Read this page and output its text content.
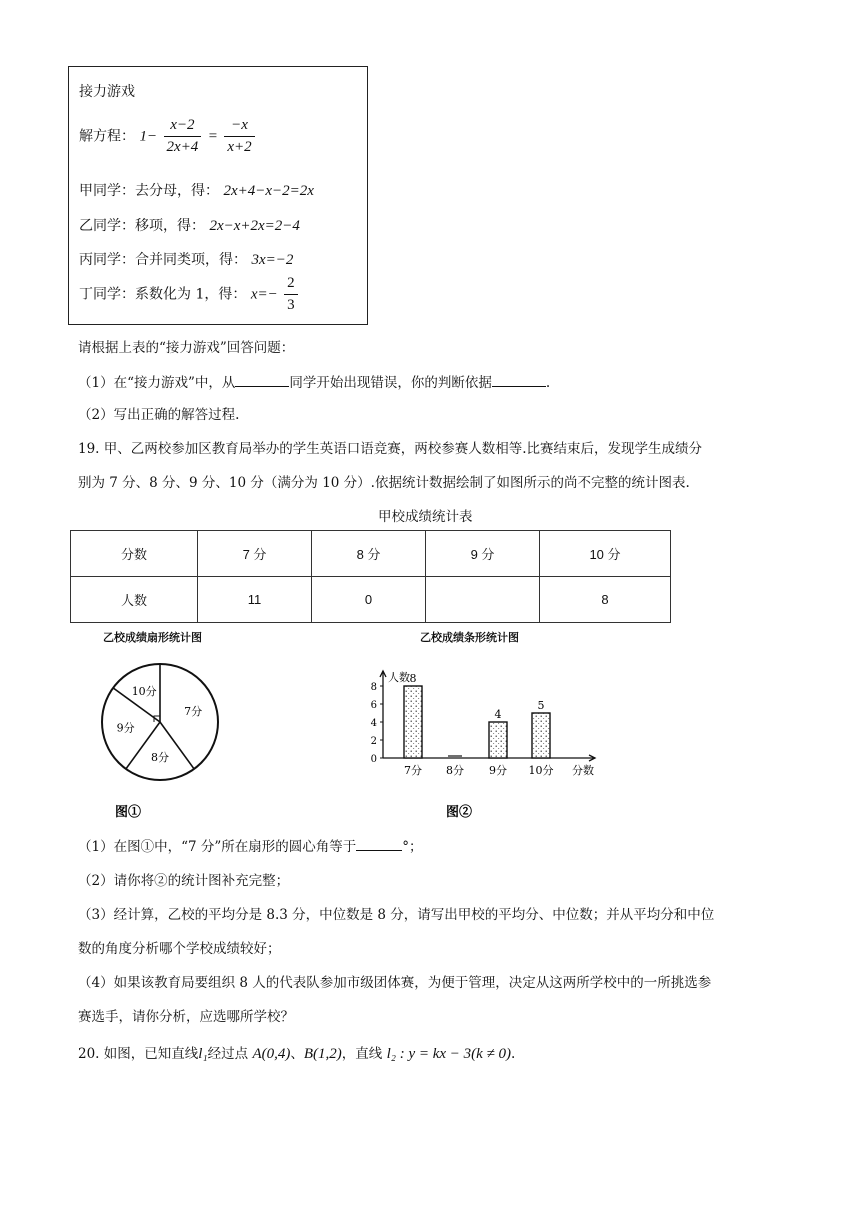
接力游戏
解方程： $1- \frac{x-2}{2x+4} = \frac{-x}{x+2}$
甲同学：去分母，得： 2x+4−x−2=2x
乙同学：移项，得： 2x−x+2x=2−4
丙同学：合并同类项，得： 3x=−2
丁同学：系数化为 1，得： $x=- \frac{2}{3}$
请根据上表的“接力游戏”回答问题：
（1）在“接力游戏”中，从	同学开始出现错误，你的判断依据	.
（2）写出正确的解答过程.
19. 甲、乙两校参加区教育局举办的学生英语口语竞赛，两校参赛人数相等.比赛结束后，发现学生成绩分
别为 7 分、8 分、9 分、10 分（满分为 10 分）.依据统计数据绘制了如图所示的尚不完整的统计图表.
甲校成绩统计表
分数	7 分	8 分	9 分	10 分
人数	11	0		8
乙校成绩扇形统计图
7分
8分
9分
10分
图①
乙校成绩条形统计图
人数
分数
0
2
4
6
8
8
7分 8分
4
9分
5
10分
图②
（1）在图①中，“7 分”所在扇形的圆心角等于	°；
（2）请你将②的统计图补充完整；
（3）经计算，乙校的平均分是 8.3 分，中位数是 8 分，请写出甲校的平均分、中位数；并从平均分和中位
数的角度分析哪个学校成绩较好；
（4）如果该教育局要组织 8 人的代表队参加市级团体赛，为便于管理，决定从这两所学校中的一所挑选参
赛选手，请你分析，应选哪所学校？
20. 如图，已知直线l₁经过点 A(0,4)、B(1,2)，直线 l₂ : y = kx − 3(k ≠ 0).
